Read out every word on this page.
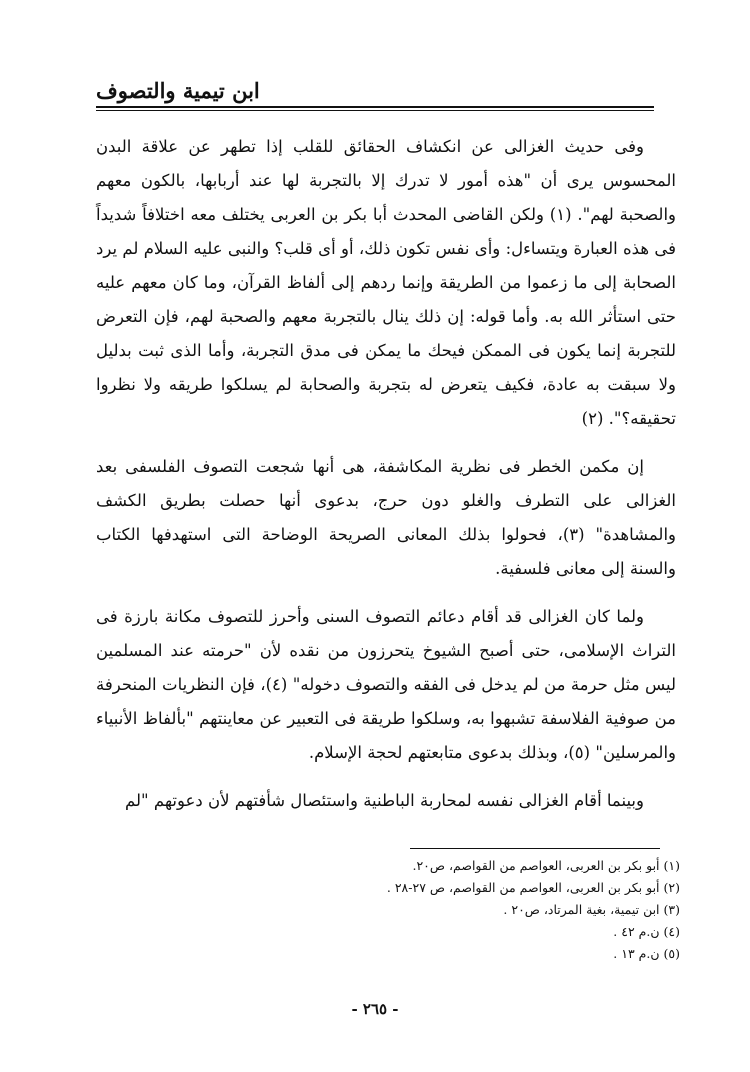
ابن تيمية والتصوف

وفى حديث الغزالى عن انكشاف الحقائق للقلب إذا تطهر عن علاقة البدن المحسوس يرى أن "هذه أمور لا تدرك إلا بالتجربة لها عند أربابها، بالكون معهم والصحبة لهم". (١) ولكن القاضى المحدث أبا بكر بن العربى يختلف معه اختلافاً شديداً فى هذه العبارة ويتساءل: وأى نفس تكون ذلك، أو أى قلب؟ والنبى عليه السلام لم يرد الصحابة إلى ما زعموا من الطريقة وإنما ردهم إلى ألفاظ القرآن، وما كان معهم عليه حتى استأثر الله به. وأما قوله: إن ذلك ينال بالتجربة معهم والصحبة لهم، فإن التعرض للتجربة إنما يكون فى الممكن فيحك ما يمكن فى مدق التجربة، وأما الذى ثبت بدليل ولا سبقت به عادة، فكيف يتعرض له بتجربة والصحابة لم يسلكوا طريقه ولا نظروا تحقيقه؟". (٢)

إن مكمن الخطر فى نظرية المكاشفة، هى أنها شجعت التصوف الفلسفى بعد الغزالى على التطرف والغلو دون حرج، بدعوى أنها حصلت بطريق الكشف والمشاهدة" (٣)، فحولوا بذلك المعانى الصريحة الوضاحة التى استهدفها الكتاب والسنة إلى معانى فلسفية.

ولما كان الغزالى قد أقام دعائم التصوف السنى وأحرز للتصوف مكانة بارزة فى التراث الإسلامى، حتى أصبح الشيوخ يتحرزون من نقده لأن "حرمته عند المسلمين ليس مثل حرمة من لم يدخل فى الفقه والتصوف دخوله" (٤)، فإن النظريات المنحرفة من صوفية الفلاسفة تشبهوا به، وسلكوا طريقة فى التعبير عن معاينتهم "بألفاظ الأنبياء والمرسلين" (٥)، وبذلك بدعوى متابعتهم لحجة الإسلام.

وبينما أقام الغزالى نفسه لمحاربة الباطنية واستئصال شأفتهم لأن دعوتهم "لم

(١) أبو بكر بن العربى، العواصم من القواصم، ص٢٠.
(٢) أبو بكر بن العربى، العواصم من القواصم، ص ٢٧-٢٨ .
(٣) ابن تيمية، بغية المرتاد، ص٢٠ .
(٤) ن.م ٤٢ .
(٥) ن.م ١٣ .
- ٢٦٥ -
